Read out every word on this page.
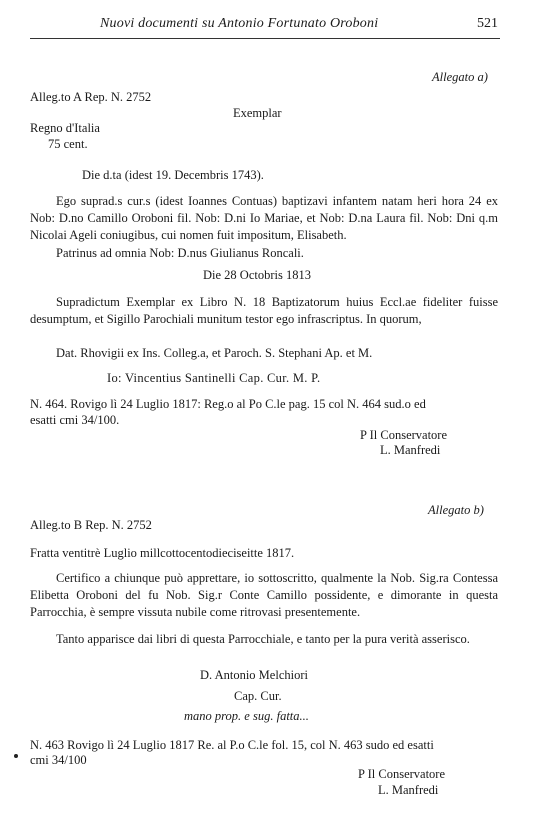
Nuovi documenti su Antonio Fortunato Oroboni	521
Allegato a)
Alleg.to A Rep. N. 2752
Exemplar
Regno d'Italia
75 cent.
Die d.ta (idest 19. Decembris 1743).
Ego suprad.s cur.s (idest Ioannes Contuas) baptizavi infantem natam heri hora 24 ex Nob: D.no Camillo Oroboni fil. Nob: D.ni Io Mariae, et Nob: D.na Laura fil. Nob: Dni q.m Nicolai Ageli coniugibus, cui nomen fuit impositum, Elisabeth.
Patrinus ad omnia Nob: D.nus Giulianus Roncali.
Die 28 Octobris 1813
Supradictum Exemplar ex Libro N. 18 Baptizatorum huius Eccl.ae fideliter fuisse desumptum, et Sigillo Parochiali munitum testor ego infrascriptus. In quorum,
Dat. Rhovigii ex Ins. Colleg.a, et Paroch. S. Stephani Ap. et M.
Io: Vincentius Santinelli Cap. Cur. M. P.
N. 464. Rovigo lì 24 Luglio 1817: Reg.o al Po C.le pag. 15 col N. 464 sud.o ed
esatti cmi 34/100.
P Il Conservatore
L. Manfredi
Allegato b)
Alleg.to B Rep. N. 2752
Fratta ventitrè Luglio millcottocentodieciseitte 1817.
Certifico a chiunque può apprettare, io sottoscritto, qualmente la Nob. Sig.ra Contessa Elibetta Oroboni del fu Nob. Sig.r Conte Camillo possidente, e dimorante in questa Parrocchia, è sempre vissuta nubile come ritrovasi presentemente.
Tanto apparisce dai libri di questa Parrocchiale, e tanto per la pura verità asserisco.
D. Antonio Melchiori
Cap. Cur.
mano prop. e sug. fatta...
N. 463 Rovigo lì 24 Luglio 1817 Re. al P.o C.le fol. 15, col N. 463 sudo ed esatti
cmi 34/100
P Il Conservatore
L. Manfredi
